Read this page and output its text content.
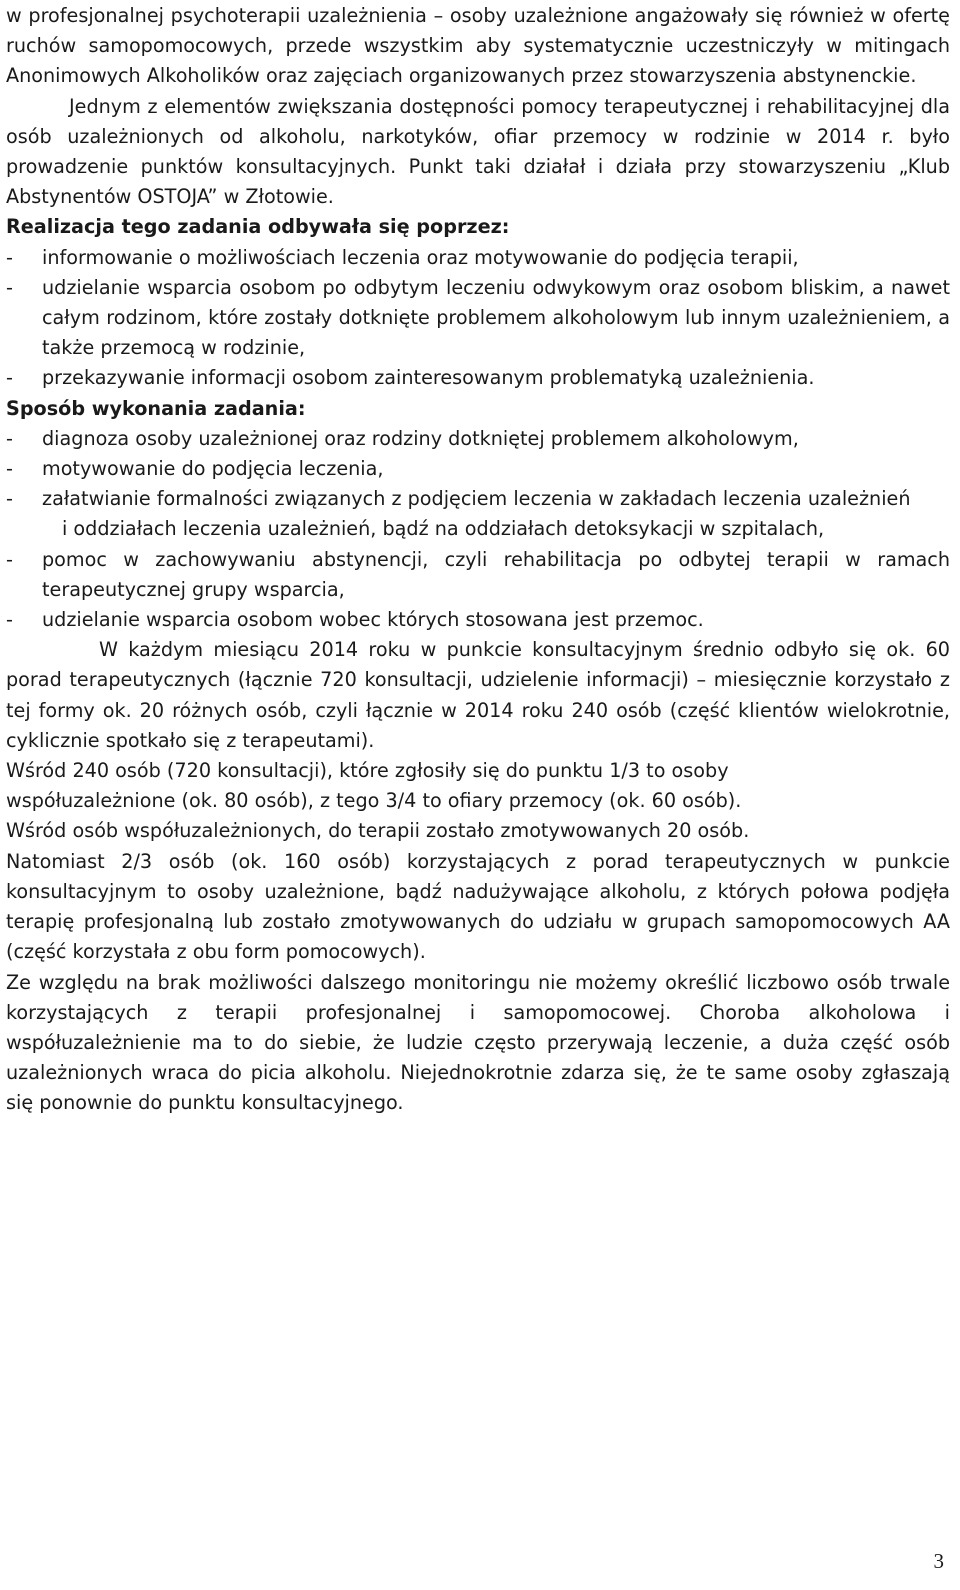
w profesjonalnej psychoterapii uzależnienia – osoby uzależnione angażowały się również w ofertę ruchów samopomocowych, przede wszystkim aby systematycznie uczestniczyły w mitingach Anonimowych Alkoholików oraz zajęciach organizowanych przez stowarzyszenia abstynenckie.

Jednym z elementów zwiększania dostępności pomocy terapeutycznej i rehabilitacyjnej dla osób uzależnionych od alkoholu, narkotyków, ofiar przemocy w rodzinie w 2014 r. było prowadzenie punktów konsultacyjnych. Punkt taki działał i działa przy stowarzyszeniu „Klub Abstynentów OSTOJA” w Złotowie.

Realizacja tego zadania odbywała się poprzez:

- informowanie o możliwościach leczenia oraz motywowanie do podjęcia terapii,
- udzielanie wsparcia osobom po odbytym leczeniu odwykowym oraz osobom bliskim, a nawet całym rodzinom, które zostały dotknięte problemem alkoholowym lub innym uzależnieniem, a także przemocą w rodzinie,
- przekazywanie informacji osobom zainteresowanym problematyką uzależnienia.

Sposób wykonania zadania:

- diagnoza osoby uzależnionej oraz rodziny dotkniętej problemem alkoholowym,
- motywowanie do podjęcia leczenia,
- załatwianie formalności związanych z podjęciem leczenia w zakładach leczenia uzależnień
i oddziałach leczenia uzależnień, bądź na oddziałach detoksykacji w szpitalach,
- pomoc w zachowywaniu abstynencji, czyli rehabilitacja po odbytej terapii w ramach terapeutycznej grupy wsparcia,
- udzielanie wsparcia osobom wobec których stosowana jest przemoc.

W każdym miesiącu 2014 roku w punkcie konsultacyjnym średnio odbyło się ok. 60 porad terapeutycznych (łącznie 720 konsultacji, udzielenie informacji) – miesięcznie korzystało z tej formy ok. 20 różnych osób, czyli łącznie w 2014 roku 240 osób (część klientów wielokrotnie, cyklicznie spotkało się z terapeutami).

Wśród 240 osób (720 konsultacji), które zgłosiły się do punktu 1/3 to osoby

współuzależnione (ok. 80 osób), z tego 3/4 to ofiary przemocy (ok. 60 osób).

Wśród osób współuzależnionych, do terapii zostało zmotywowanych 20 osób.

Natomiast 2/3 osób (ok. 160 osób) korzystających z porad terapeutycznych w punkcie konsultacyjnym to osoby uzależnione, bądź nadużywające alkoholu, z których połowa podjęła terapię profesjonalną lub zostało zmotywowanych do udziału w grupach samopomocowych AA (część korzystała z obu form pomocowych).

Ze względu na brak możliwości dalszego monitoringu nie możemy określić liczbowo osób trwale korzystających z terapii profesjonalnej i samopomocowej. Choroba alkoholowa i współuzależnienie ma to do siebie, że ludzie często przerywają leczenie, a duża część osób uzależnionych wraca do picia alkoholu. Niejednokrotnie zdarza się, że te same osoby zgłaszają się ponownie do punktu konsultacyjnego.

3
